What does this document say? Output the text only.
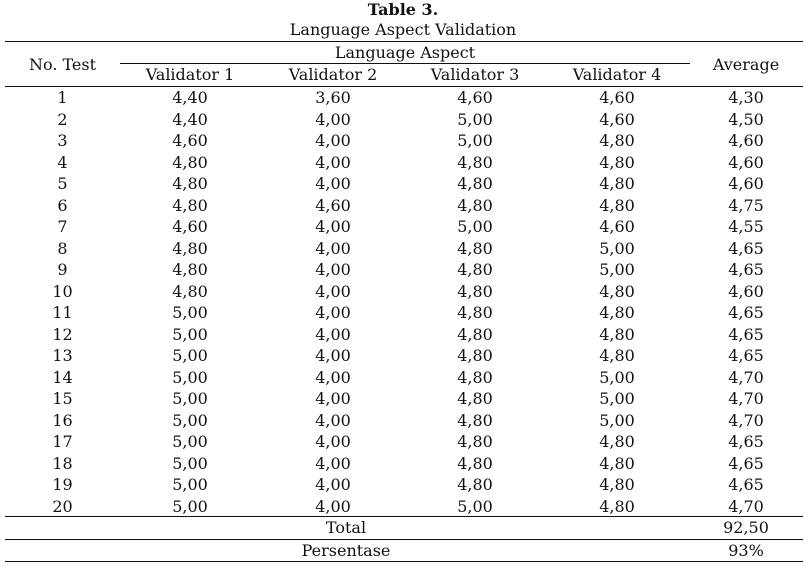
Table 3.
Language Aspect Validation
No. Test
Language Aspect
Validator 1	Validator 2	Validator 3	Validator 4
Average
1	4,40	3,60	4,60	4,60	4,30
2	4,40	4,00	5,00	4,60	4,50
3	4,60	4,00	5,00	4,80	4,60
4	4,80	4,00	4,80	4,80	4,60
5	4,80	4,00	4,80	4,80	4,60
6	4,80	4,60	4,80	4,80	4,75
7	4,60	4,00	5,00	4,60	4,55
8	4,80	4,00	4,80	5,00	4,65
9	4,80	4,00	4,80	5,00	4,65
10	4,80	4,00	4,80	4,80	4,60
11	5,00	4,00	4,80	4,80	4,65
12	5,00	4,00	4,80	4,80	4,65
13	5,00	4,00	4,80	4,80	4,65
14	5,00	4,00	4,80	5,00	4,70
15	5,00	4,00	4,80	5,00	4,70
16	5,00	4,00	4,80	5,00	4,70
17	5,00	4,00	4,80	4,80	4,65
18	5,00	4,00	4,80	4,80	4,65
19	5,00	4,00	4,80	4,80	4,65
20	5,00	4,00	5,00	4,80	4,70
Total	92,50
Persentase	93%
